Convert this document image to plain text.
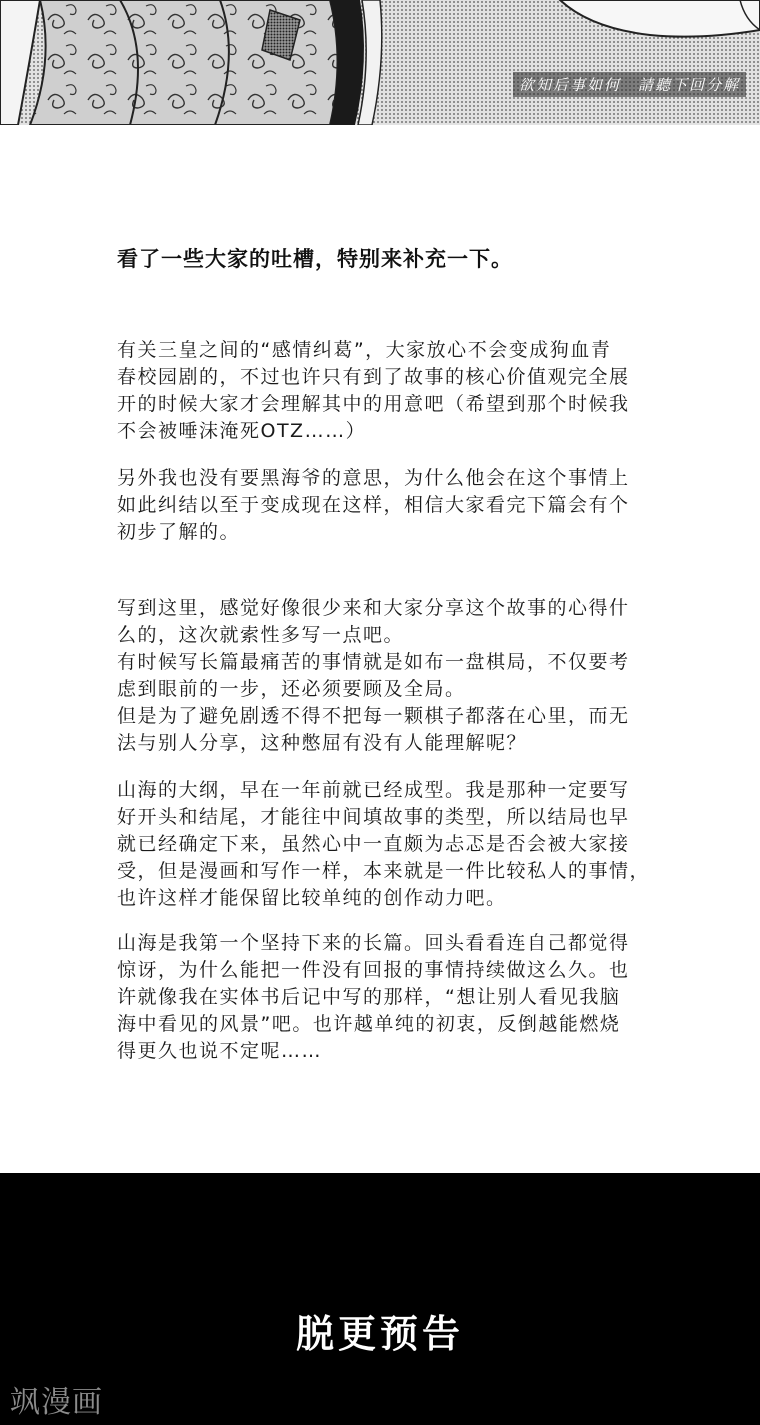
欲知后事如何　請聽下回分解
看了一些大家的吐槽，特别来补充一下。

有关三皇之间的“感情纠葛”，大家放心不会变成狗血青
春校园剧的，不过也许只有到了故事的核心价值观完全展
开的时候大家才会理解其中的用意吧（希望到那个时候我
不会被唾沫淹死OTZ……）

另外我也没有要黑海爷的意思，为什么他会在这个事情上
如此纠结以至于变成现在这样，相信大家看完下篇会有个
初步了解的。

写到这里，感觉好像很少来和大家分享这个故事的心得什
么的，这次就索性多写一点吧。
有时候写长篇最痛苦的事情就是如布一盘棋局，不仅要考
虑到眼前的一步，还必须要顾及全局。
但是为了避免剧透不得不把每一颗棋子都落在心里，而无
法与别人分享，这种憋屈有没有人能理解呢？

山海的大纲，早在一年前就已经成型。我是那种一定要写
好开头和结尾，才能往中间填故事的类型，所以结局也早
就已经确定下来，虽然心中一直颇为忐忑是否会被大家接
受，但是漫画和写作一样，本来就是一件比较私人的事情，
也许这样才能保留比较单纯的创作动力吧。

山海是我第一个坚持下来的长篇。回头看看连自己都觉得
惊讶，为什么能把一件没有回报的事情持续做这么久。也
许就像我在实体书后记中写的那样，“想让别人看见我脑
海中看见的风景”吧。也许越单纯的初衷，反倒越能燃烧
得更久也说不定呢……

脱更预告
飒漫画
